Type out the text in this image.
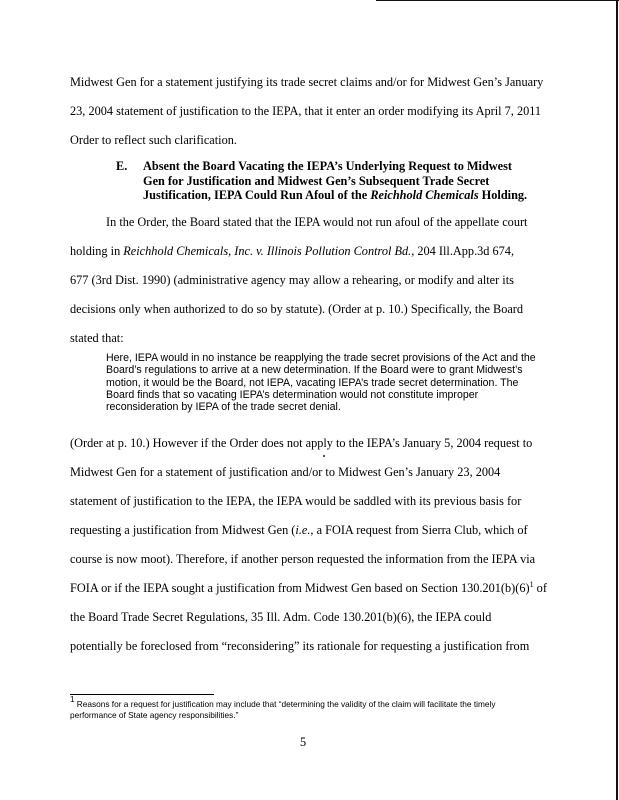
Midwest Gen for a statement justifying its trade secret claims and/or for Midwest Gen’s January

23, 2004 statement of justification to the IEPA, that it enter an order modifying its April 7, 2011

Order to reflect such clarification.

E. Absent the Board Vacating the IEPA’s Underlying Request to Midwest Gen for Justification and Midwest Gen’s Subsequent Trade Secret Justification, IEPA Could Run Afoul of the Reichhold Chemicals Holding.

In the Order, the Board stated that the IEPA would not run afoul of the appellate court

holding in Reichhold Chemicals, Inc. v. Illinois Pollution Control Bd., 204 Ill.App.3d 674,

677 (3rd Dist. 1990) (administrative agency may allow a rehearing, or modify and alter its

decisions only when authorized to do so by statute). (Order at p. 10.) Specifically, the Board

stated that:

Here, IEPA would in no instance be reapplying the trade secret provisions of the Act and the Board’s regulations to arrive at a new determination. If the Board were to grant Midwest’s motion, it would be the Board, not IEPA, vacating IEPA’s trade secret determination. The Board finds that so vacating IEPA’s determination would not constitute improper reconsideration by IEPA of the trade secret denial.

(Order at p. 10.) However if the Order does not apply to the IEPA’s January 5, 2004 request to

Midwest Gen for a statement of justification and/or to Midwest Gen’s January 23, 2004

statement of justification to the IEPA, the IEPA would be saddled with its previous basis for

requesting a justification from Midwest Gen (i.e., a FOIA request from Sierra Club, which of

course is now moot). Therefore, if another person requested the information from the IEPA via

FOIA or if the IEPA sought a justification from Midwest Gen based on Section $130.201(b)(6)^1$ of

the Board Trade Secret Regulations, 35 Ill. Adm. Code 130.201(b)(6), the IEPA could

potentially be foreclosed from “reconsidering” its rationale for requesting a justification from

$^1$ Reasons for a request for justification may include that “determining the validity of the claim will facilitate the timely performance of State agency responsibilities.”

5
